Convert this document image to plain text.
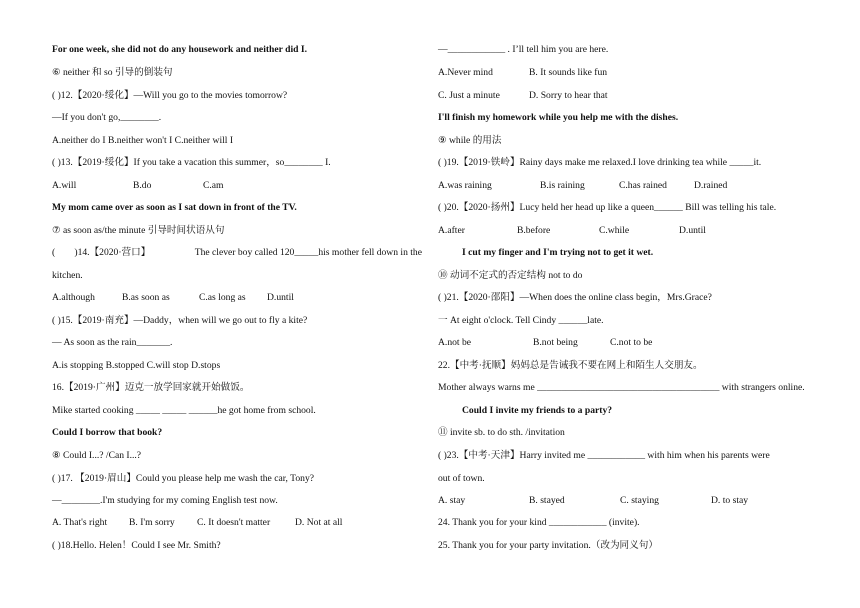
For one week, she did not do any housework and neither did I.
⑥ neither 和 so 引导的倒装句
( )12.【2020·绥化】—Will you go to the movies tomorrow?
—If you don't go,________.
A.neither do I B.neither won't I C.neither will I
( )13.【2019·绥化】If you take a vacation this summer，so________ I.
A.will	B.do	C.am
My mom came over as soon as I sat down in front of the TV.
⑦ as soon as/the minute 引导时间状语从句
(        )14.【2020·营口】	The clever boy called 120_____his mother fell down in the
kitchen.
A.although	B.as soon as	C.as long as D.until
( )15.【2019·南充】—Daddy，when will we go out to fly a kite?
— As soon as the rain_______.
A.is stopping B.stopped C.will stop D.stops
16.【2019·广州】迈克一放学回家就开始做饭。
Mike started cooking _____ _____ ______he got home from school.
Could I borrow that book?
⑧ Could I...? /Can I...?
( )17. 【2019·眉山】Could you please help me wash the car, Tony?
—________.I'm studying for my coming English test now.
A. That's right B. I'm sorry C. It doesn't matter	D. Not at all
( )18.Hello. Helen！Could I see Mr. Smith?
—____________ . I’ll tell him you are here.
A.Never mind	B. It sounds like fun
C. Just a minute	D. Sorry to hear that
I'll finish my homework while you help me with the dishes.
⑨ while 的用法
( )19.【2019·铁岭】Rainy days make me relaxed.I love drinking tea while _____it.
A.was raining	B.is raining	C.has rained	D.rained
( )20.【2020·扬州】Lucy held her head up like a queen______ Bill was telling his tale.
A.after	B.before	C.while	D.until
I cut my finger and I'm trying not to get it wet.
⑩ 动词不定式的否定结构 not to do
( )21.【2020·邵阳】—When does the online class begin，Mrs.Grace?
一 At eight o'clock. Tell Cindy ______late.
A.not be	B.not being	C.not to be
22.【中考·抚顺】妈妈总是告诫我不要在网上和陌生人交朋友。
Mother always warns me ______________________________________ with strangers online.
Could I invite my friends to a party?
⑪ invite sb. to do sth. /invitation
( )23.【中考·天津】Harry invited me ____________ with him when his parents were
out of town.
A. stay	B. stayed	C. staying	D. to stay
24. Thank you for your kind ____________ (invite).
25. Thank you for your party invitation.（改为同义句）
